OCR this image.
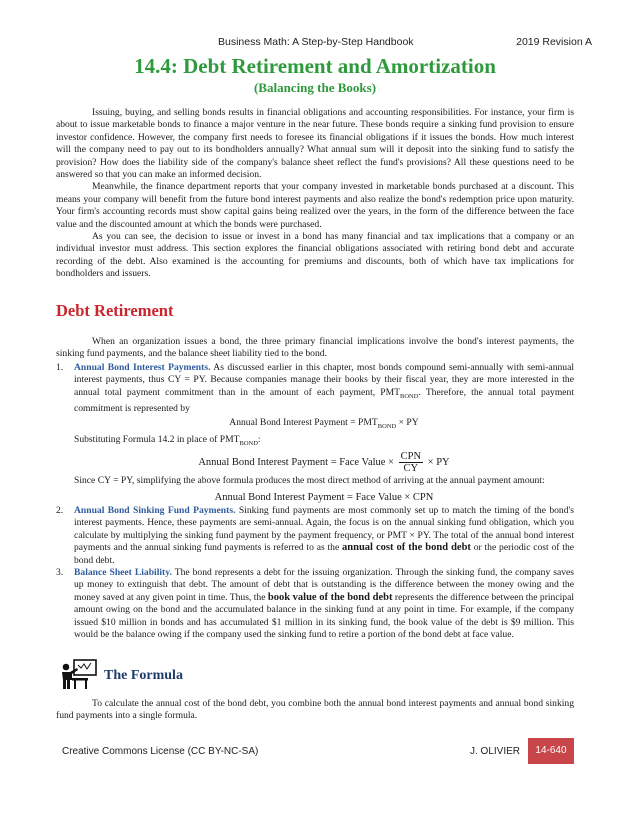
Business Math: A Step-by-Step Handbook	2019 Revision A
14.4: Debt Retirement and Amortization
(Balancing the Books)

Issuing, buying, and selling bonds results in financial obligations and accounting responsibilities. For instance, your firm is about to issue marketable bonds to finance a major venture in the near future. These bonds require a sinking fund provision to ensure investor confidence. However, the company first needs to foresee its financial obligations if it issues the bonds. How much interest will the company need to pay out to its bondholders annually? What annual sum will it deposit into the sinking fund to satisfy the provision? How does the liability side of the company's balance sheet reflect the fund's provisions? All these questions need to be answered so that you can make an informed decision.

Meanwhile, the finance department reports that your company invested in marketable bonds purchased at a discount. This means your company will benefit from the future bond interest payments and also realize the bond's redemption price upon maturity. Your firm's accounting records must show capital gains being realized over the years, in the form of the difference between the face value and the discounted amount at which the bonds were purchased.

As you can see, the decision to issue or invest in a bond has many financial and tax implications that a company or an individual investor must address. This section explores the financial obligations associated with retiring bond debt and accurate recording of the debt. Also examined is the accounting for premiums and discounts, both of which have tax implications for bondholders and issuers.

Debt Retirement

When an organization issues a bond, the three primary financial implications involve the bond's interest payments, the sinking fund payments, and the balance sheet liability tied to the bond.

1. Annual Bond Interest Payments. As discussed earlier in this chapter, most bonds compound semi-annually with semi-annual interest payments, thus CY = PY. Because companies manage their books by their fiscal year, they are more interested in the annual total payment commitment than in the amount of each payment, $PMT_{BOND}$. Therefore, the annual total payment commitment is represented by
Annual Bond Interest Payment = $PMT_{BOND}$ × PY
Substituting Formula 14.2 in place of $PMT_{BOND}$:
Annual Bond Interest Payment = Face Value × $\frac{\text{CPN}}{CY}$ × PY
Since CY = PY, simplifying the above formula produces the most direct method of arriving at the annual payment amount:
Annual Bond Interest Payment = Face Value × CPN
2. Annual Bond Sinking Fund Payments. Sinking fund payments are most commonly set up to match the timing of the bond's interest payments. Hence, these payments are semi-annual. Again, the focus is on the annual sinking fund obligation, which you calculate by multiplying the sinking fund payment by the payment frequency, or PMT × PY. The total of the annual bond interest payments and the annual sinking fund payments is referred to as the annual cost of the bond debt or the periodic cost of the bond debt.
3. Balance Sheet Liability. The bond represents a debt for the issuing organization. Through the sinking fund, the company saves up money to extinguish that debt. The amount of debt that is outstanding is the difference between the money owing and the money saved at any given point in time. Thus, the book value of the bond debt represents the difference between the principal amount owing on the bond and the accumulated balance in the sinking fund at any point in time. For example, if the company issued $10 million in bonds and has accumulated $1 million in its sinking fund, the book value of the debt is $9 million. This would be the balance owing if the company used the sinking fund to retire a portion of the bond debt at face value.
The Formula

To calculate the annual cost of the bond debt, you combine both the annual bond interest payments and annual bond sinking fund payments into a single formula.

Creative Commons License (CC BY-NC-SA)	J. OLIVIER	14-640
